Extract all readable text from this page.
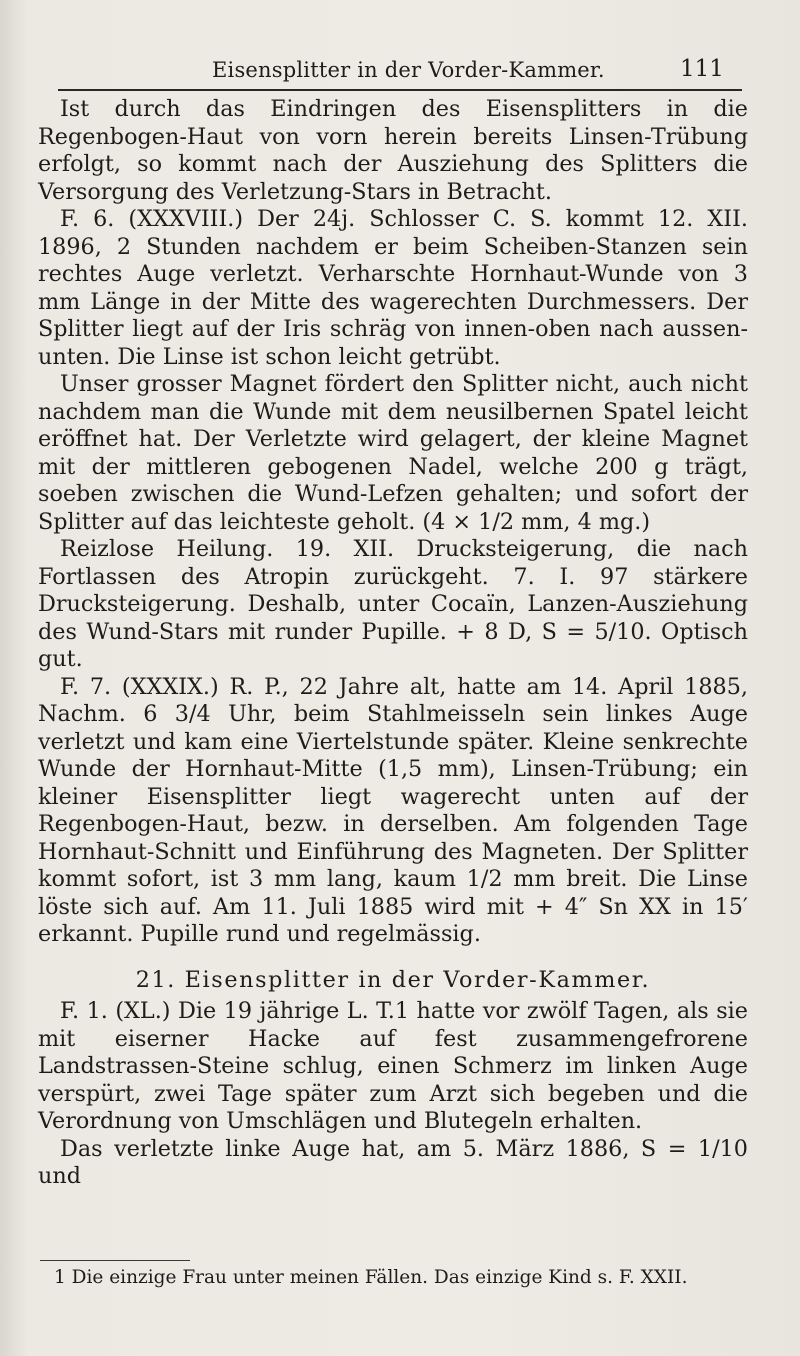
Eisensplitter in der Vorder-Kammer.	111

Ist durch das Eindringen des Eisensplitters in die Regenbogen-Haut von vorn herein bereits Linsen-Trübung erfolgt, so kommt nach der Ausziehung des Splitters die Versorgung des Verletzung-Stars in Betracht.

F. 6. (XXXVIII.) Der 24j. Schlosser C. S. kommt 12. XII. 1896, 2 Stunden nachdem er beim Scheiben-Stanzen sein rechtes Auge verletzt. Verharschte Hornhaut-Wunde von 3 mm Länge in der Mitte des wagerechten Durchmessers. Der Splitter liegt auf der Iris schräg von innen-oben nach aussen-unten. Die Linse ist schon leicht getrübt.

Unser grosser Magnet fördert den Splitter nicht, auch nicht nachdem man die Wunde mit dem neusilbernen Spatel leicht eröffnet hat. Der Verletzte wird gelagert, der kleine Magnet mit der mittleren gebogenen Nadel, welche 200 g trägt, soeben zwischen die Wund-Lefzen gehalten; und sofort der Splitter auf das leichteste geholt. (4 × 1/2 mm, 4 mg.)

Reizlose Heilung. 19. XII. Drucksteigerung, die nach Fortlassen des Atropin zurückgeht. 7. I. 97 stärkere Drucksteigerung. Deshalb, unter Cocaïn, Lanzen-Ausziehung des Wund-Stars mit runder Pupille. + 8 D, S = 5/10. Optisch gut.

F. 7. (XXXIX.) R. P., 22 Jahre alt, hatte am 14. April 1885, Nachm. 6 3/4 Uhr, beim Stahlmeisseln sein linkes Auge verletzt und kam eine Viertelstunde später. Kleine senkrechte Wunde der Hornhaut-Mitte (1,5 mm), Linsen-Trübung; ein kleiner Eisensplitter liegt wagerecht unten auf der Regenbogen-Haut, bezw. in derselben. Am folgenden Tage Hornhaut-Schnitt und Einführung des Magneten. Der Splitter kommt sofort, ist 3 mm lang, kaum 1/2 mm breit. Die Linse löste sich auf. Am 11. Juli 1885 wird mit + 4″ Sn XX in 15′ erkannt. Pupille rund und regelmässig.

21. Eisensplitter in der Vorder-Kammer.

F. 1. (XL.) Die 19 jährige L. T.1 hatte vor zwölf Tagen, als sie mit eiserner Hacke auf fest zusammengefrorene Landstrassen-Steine schlug, einen Schmerz im linken Auge verspürt, zwei Tage später zum Arzt sich begeben und die Verordnung von Umschlägen und Blutegeln erhalten.

Das verletzte linke Auge hat, am 5. März 1886, S = 1/10 und

1 Die einzige Frau unter meinen Fällen. Das einzige Kind s. F. XXII.
